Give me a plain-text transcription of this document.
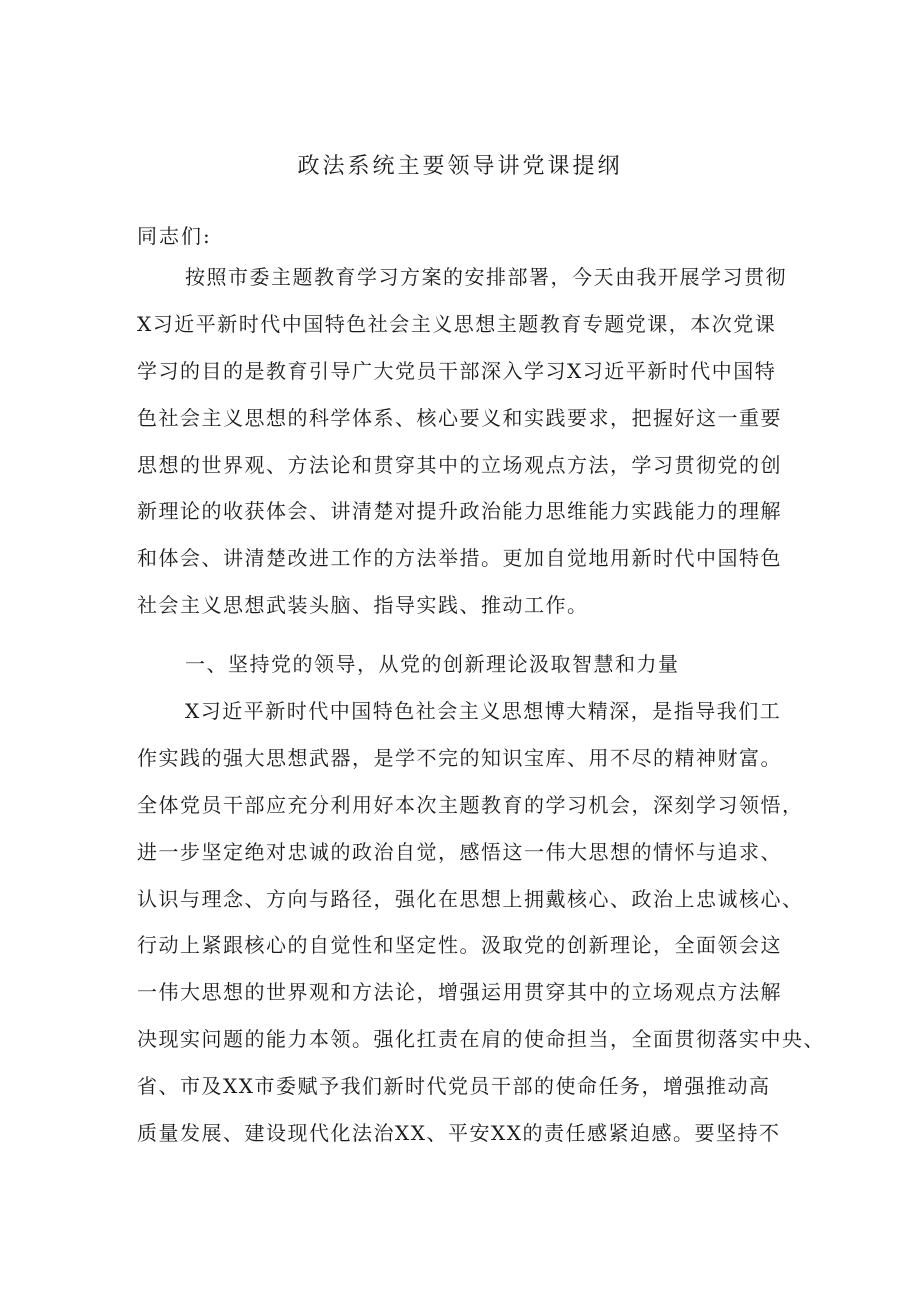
政法系统主要领导讲党课提纲
同志们:
按照市委主题教育学习方案的安排部署，今天由我开展学习贯彻
X习近平新时代中国特色社会主义思想主题教育专题党课，本次党课
学习的目的是教育引导广大党员干部深入学习X习近平新时代中国特
色社会主义思想的科学体系、核心要义和实践要求，把握好这一重要
思想的世界观、方法论和贯穿其中的立场观点方法，学习贯彻党的创
新理论的收获体会、讲清楚对提升政治能力思维能力实践能力的理解
和体会、讲清楚改进工作的方法举措。更加自觉地用新时代中国特色
社会主义思想武装头脑、指导实践、推动工作。
一、坚持党的领导，从党的创新理论汲取智慧和力量
X习近平新时代中国特色社会主义思想博大精深，是指导我们工
作实践的强大思想武器，是学不完的知识宝库、用不尽的精神财富。
全体党员干部应充分利用好本次主题教育的学习机会，深刻学习领悟，
进一步坚定绝对忠诚的政治自觉，感悟这一伟大思想的情怀与追求、
认识与理念、方向与路径，强化在思想上拥戴核心、政治上忠诚核心、
行动上紧跟核心的自觉性和坚定性。汲取党的创新理论，全面领会这
一伟大思想的世界观和方法论，增强运用贯穿其中的立场观点方法解
决现实问题的能力本领。强化扛责在肩的使命担当，全面贯彻落实中央、
省、市及XX市委赋予我们新时代党员干部的使命任务，增强推动高
质量发展、建设现代化法治XX、平安XX的责任感紧迫感。要坚持不
